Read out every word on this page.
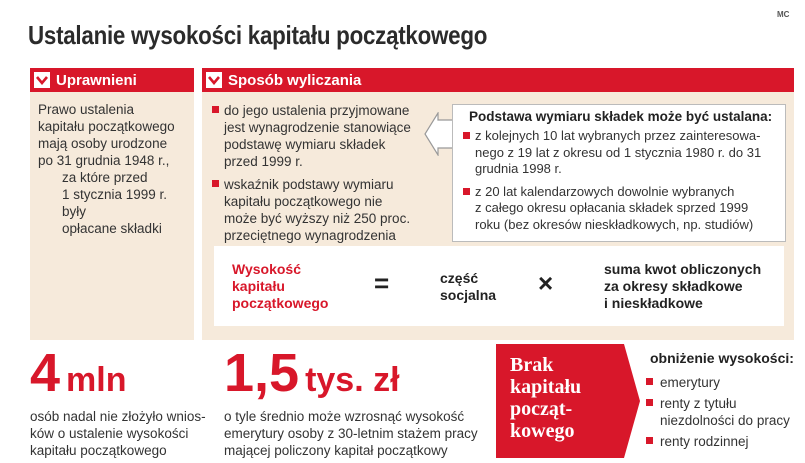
Ustalanie wysokości kapitału początkowego
MC
Uprawnieni
Prawo ustalenia
kapitału początkowego
mają osoby urodzone
po 31 grudnia 1948 r.,
za które przed
1 stycznia 1999 r. były
opłacane składki
Sposób wyliczania
do jego ustalenia przyjmowane
jest wynagrodzenie stanowiące
podstawę wymiaru składek
przed 1999 r.
wskaźnik podstawy wymiaru
kapitału początkowego nie
może być wyższy niż 250 proc.
przeciętnego wynagrodzenia
Podstawa wymiaru składek może być ustalana:
z kolejnych 10 lat wybranych przez zainteresowa-
nego z 19 lat z okresu od 1 stycznia 1980 r. do 31
grudnia 1998 r.
z 20 lat kalendarzowych dowolnie wybranych
z całego okresu opłacania składek sprzed 1999
roku (bez okresów nieskładkowych, np. studiów)
Wysokość
kapitału
początkowego
=	część
socjalna ×	suma kwot obliczonych
za okresy składkowe
i nieskładkowe
4 mln
osób nadal nie złożyło wnios-
ków o ustalenie wysokości
kapitału początkowego
1,5 tys. zł
o tyle średnio może wzrosnąć wysokość
emerytury osoby z 30-letnim stażem pracy
mającej policzony kapitał początkowy
Brak
kapitału
począt-
kowego
obniżenie wysokości:
emerytury
renty z tytułu
niezdolności do pracy
renty rodzinnej
